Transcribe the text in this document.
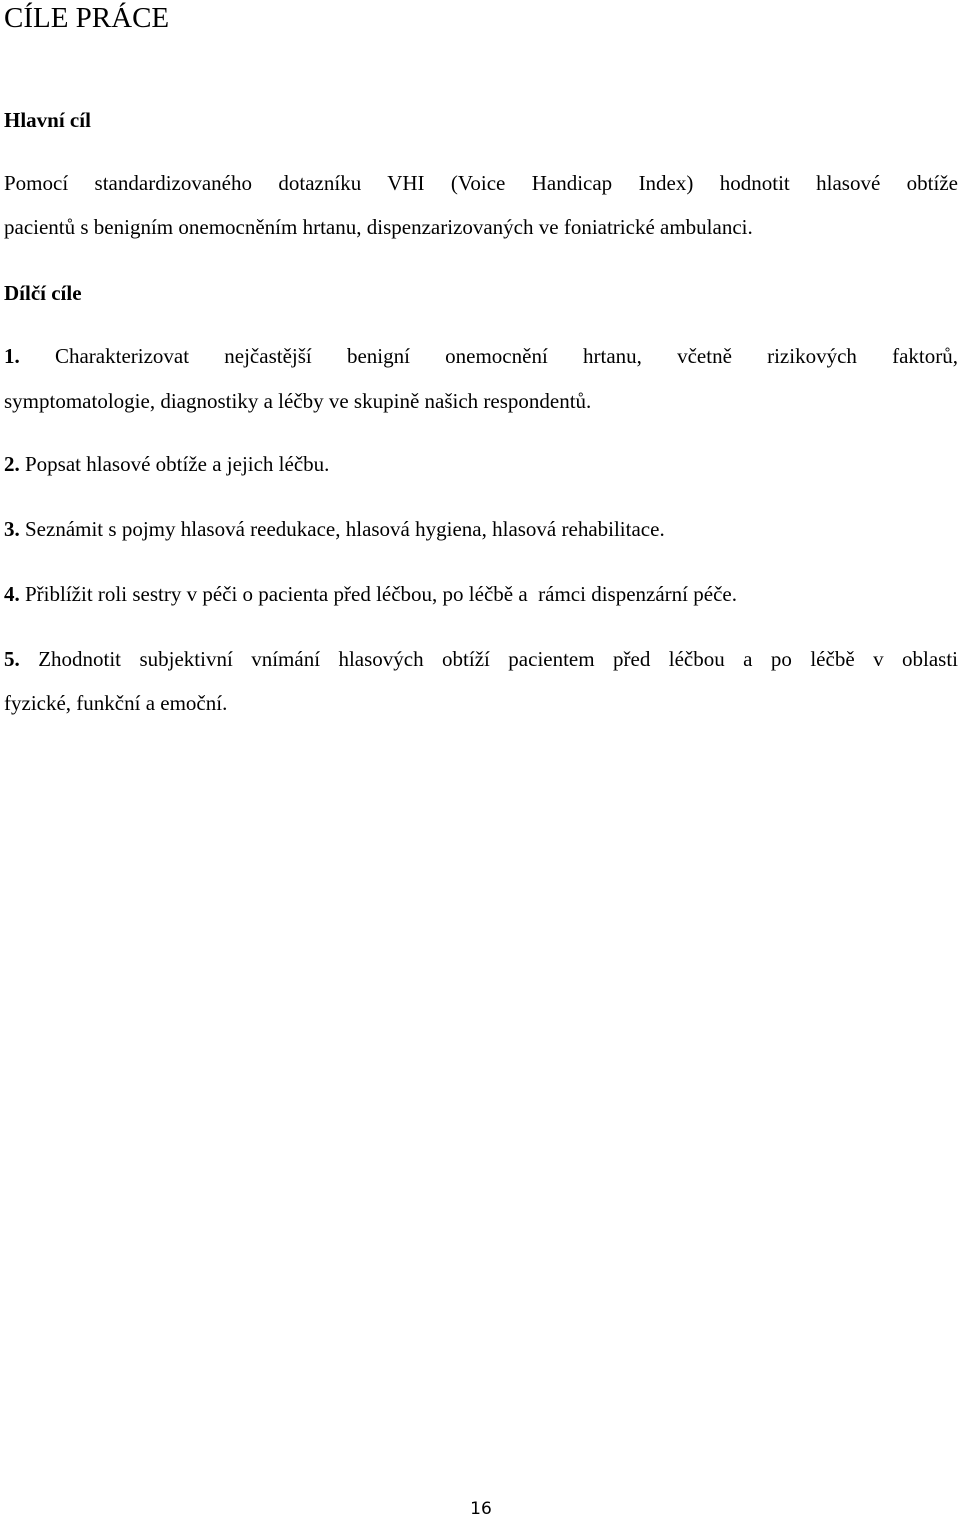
CÍLE PRÁCE
Hlavní cíl
Pomocí standardizovaného dotazníku VHI (Voice Handicap Index) hodnotit hlasové obtíže
pacientů s benigním onemocněním hrtanu, dispenzarizovaných ve foniatrické ambulanci.
Dílčí cíle
1. Charakterizovat nejčastější benigní onemocnění hrtanu, včetně rizikových faktorů,
symptomatologie, diagnostiky a léčby ve skupině našich respondentů.
2. Popsat hlasové obtíže a jejich léčbu.
3. Seznámit s pojmy hlasová reedukace, hlasová hygiena, hlasová rehabilitace.
4. Přiblížit roli sestry v péči o pacienta před léčbou, po léčbě a  rámci dispenzární péče.
5. Zhodnotit subjektivní vnímání hlasových obtíží pacientem před léčbou a po léčbě v oblasti
fyzické, funkční a emoční.
16
